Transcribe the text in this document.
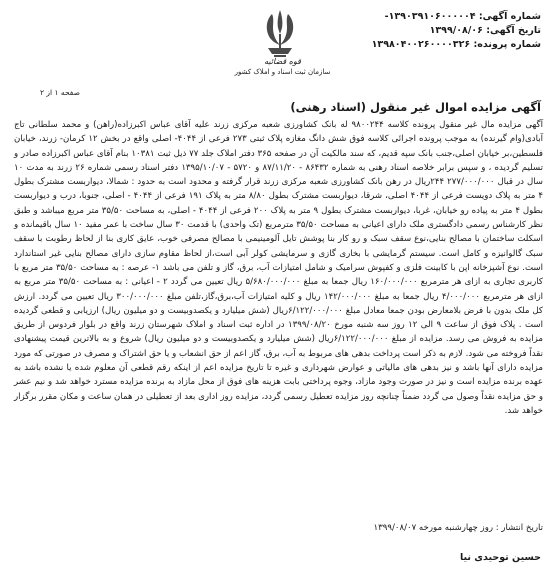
شماره آگهی: ۱۳۹۰۳۹۱۰۶۰۰۰۰۰۴-
تاریخ آگهی: ۱۳۹۹/۰۸/۰۶
شماره پرونده: ۱۳۹۸۰۴۰۰۲۶۰۰۰۰۳۲۶
قوه قضائیه
سازمان ثبت اسناد و املاک کشور
صفحه ۱ از ۲
آگهی مزایده اموال غیر منقول (اسناد رهنی)

آگهی مزایده مال غیر منقول پرونده کلاسه ۹۸۰۰۲۴۴ له بانک کشاورزی شعبه مرکزی زرند علیه آقای عباس اکبرزاده(راهن) و محمد سلطانی تاج آبادی(وام گیرنده) به موجب پرونده اجرائی کلاسه فوق شش دانگ مغازه پلاک ثبتی ۲۷۳ فرعی از ۴۰۴۴- اصلی واقع در بخش ۱۲ کرمان- زرند، خیابان فلسطین،بر خیابان اصلی،جنب بانک سپه قدیم، که سند مالکیت آن در صفحه ۳۶۵ دفتر املاک جلد ۷۷ ذیل ثبت ۱۰۳۸۱ بنام آقای عباس اکبرزاده صادر و تسلیم گردیده ، و سپس برابر خلاصه اسناد رهنی به شماره ۸۶۴۳۲ - ۸۷/۱۱/۲۰ و ۵۷۲۰ - ۱۳۹۵/۱۰/۰۷ دفتر اسناد رسمی شماره ۲۶ زرند به مدت ۱۰ سال در قبال ۲۷۷/۰۰۰/۰۰۰ ۲۴۴ریال در رهن بانک کشاورزی شعبه مرکزی زرند قرار گرفته و محدود است به حدود : شمالا، دیواربست مشترک بطول ۴ متر به پلاک دویست فرعی از ۴۰۴۴ اصلی، شرقا، دیواربست مشترک بطول ۸/۸۰ متر به پلاک ۱۹۱ فرعی از ۴۰۴۴ - اصلی، جنوبا، درب و دیواربست بطول ۴ متر به پیاده رو خیابان، غربا، دیواربست مشترک بطول ۹ متر به پلاک ۲۰۰ فرعی از ۴۰۴۴ - اصلی، به مساحت ۳۵/۵۰ متر مربع میباشد و طبق نظر کارشناس رسمی دادگستری ملک دارای اعیانی به مساحت ۳۵/۵۰ مترمربع (تک واحدی) با قدمت ۳۰ سال ساخت با عمر مفید ۱۰ سال باقیمانده و اسکلت ساختمان با مصالح بنایی،نوع سقف سبک و رو کار بنا پوشش تایل آلومینیمی با مصالح مصرفی خوب، عایق کاری بنا از لحاظ رطوبت با سقف سبک گالوانیزه و کامل است. سیستم گرمایشی با بخاری گازی و سرمایشی کولر آبی است،از لحاظ مقاوم سازی دارای مصالح بنایی غیر استاندارد است. نوع آشپزخانه اپن با کابینت فلزی و کفپوش سرامیک و شامل امتیازات آب، برق، گاز و تلفن می باشد ۱- عرصه : به مساحت ۳۵/۵۰ متر مربع با کاربری تجاری به ازای هر مترمربع ۱۶۰/۰۰۰/۰۰۰ ریال جمعا به مبلغ ۵/۶۸۰/۰۰۰/۰۰۰ ریال تعیین می گردد ۲ - اعیانی : به مساحت ۳۵/۵۰ متر مربع به ازای هر مترمربع ۴/۰۰۰/۰۰۰ ریال جمعا به مبلغ ۱۴۲/۰۰۰/۰۰۰ ریال و کلیه امتیازات آب،برق،گاز،تلفن مبلغ ۳۰۰/۰۰۰/۰۰۰ ریال تعیین می گردد. ارزش کل ملک بدون با فرض بلامعارض بودن جمعا معادل مبلغ ۶/۱۲۲/۰۰۰/۰۰۰ریال (شش میلیارد و یکصدوبیست و دو میلیون ریال) ارزیابی و قطعی گردیده است . پلاک فوق از ساعت ۹ الی ۱۲ روز سه شنبه مورخ ۱۳۹۹/۰۸/۲۰ در اداره ثبت اسناد و املاک شهرستان زرند واقع در بلوار فردوس از طریق مزایده به فروش می رسد. مزایده از مبلغ ۶/۱۲۲/۰۰۰/۰۰۰ریال (شش میلیارد و یکصدوبیست و دو میلیون ریال) شروع و به بالاترین قیمت پیشنهادی نقداً فروخته می شود. لازم به ذکر است پرداخت بدهی های مربوط به آب، برق، گاز اعم از حق انشعاب و یا حق اشتراک و مصرف در صورتی که مورد مزایده دارای آنها باشد و نیز بدهی های مالیاتی و عوارض شهرداری و غیره تا تاریخ مزایده اعم از اینکه رقم قطعی آن معلوم شده یا نشده باشد به عهده برنده مزایده است و نیز در صورت وجود مازاد، وجوه پرداختی بابت هزینه های فوق از محل مازاد به برنده مزایده مسترد خواهد شد و نیم عشر و حق مزایده نقداً وصول می گردد ضمناً چنانچه روز مزایده تعطیل رسمی گردد، مزایده روز اداری بعد از تعطیلی در همان ساعت و مکان مقرر برگزار خواهد شد.

تاریخ انتشار : روز چهارشنبه مورخه ۱۳۹۹/۰۸/۰۷
حسین توحیدی نیا
